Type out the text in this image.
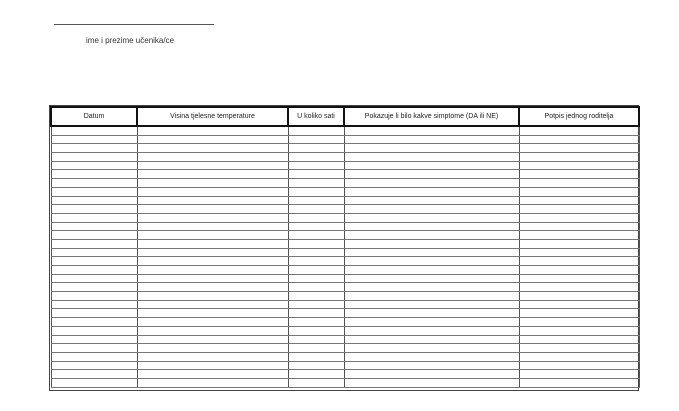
ime i prezime učenika/ce
Datum	Visina tjelesne temperature	U koliko sati	Pokazuje li bilo kakve simptome (DA ili NE)	Potpis jednog roditelja
